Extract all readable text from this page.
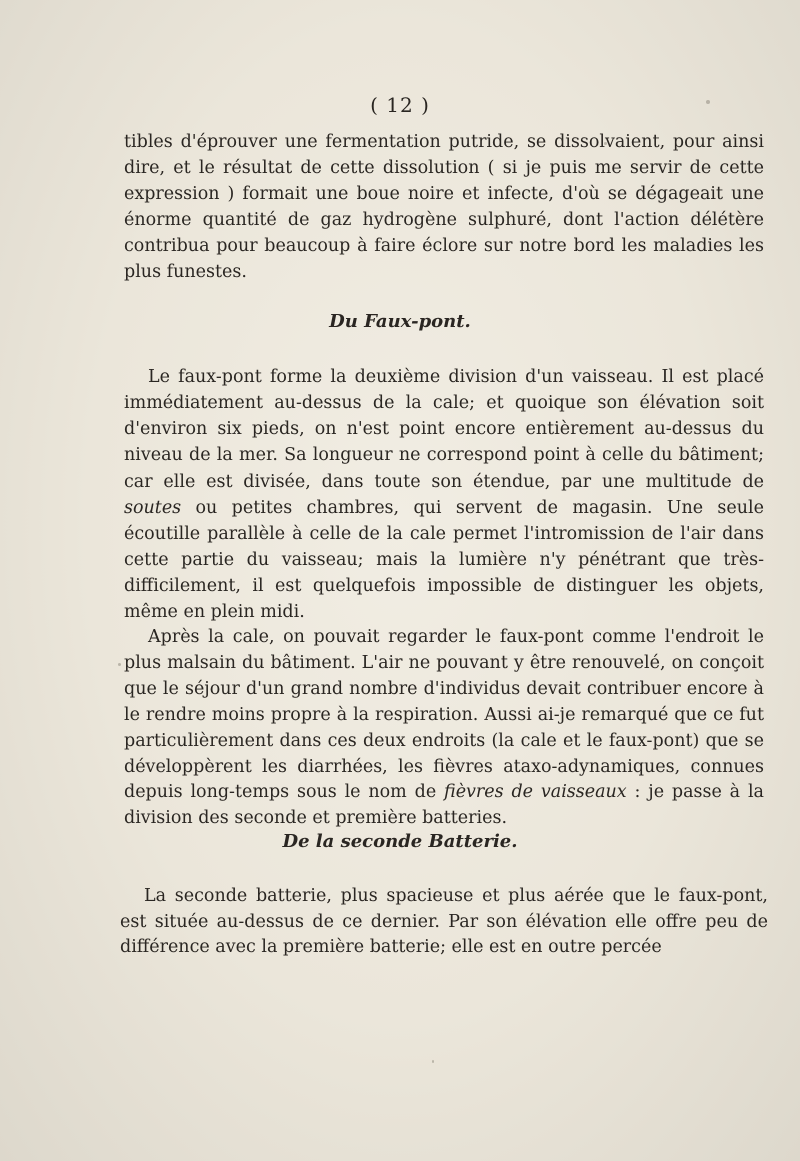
( 12 )

tibles d'éprouver une fermentation putride, se dissolvaient, pour ainsi dire, et le résultat de cette dissolution ( si je puis me servir de cette expression ) formait une boue noire et infecte, d'où se dégageait une énorme quantité de gaz hydrogène sulphuré, dont l'action délétère contribua pour beaucoup à faire éclore sur notre bord les maladies les plus funestes.

Du Faux-pont.

Le faux-pont forme la deuxième division d'un vaisseau. Il est placé immédiatement au-dessus de la cale; et quoique son élévation soit d'environ six pieds, on n'est point encore entièrement au-dessus du niveau de la mer. Sa longueur ne correspond point à celle du bâtiment; car elle est divisée, dans toute son étendue, par une multitude de soutes ou petites chambres, qui servent de magasin. Une seule écoutille parallèle à celle de la cale permet l'intromission de l'air dans cette partie du vaisseau; mais la lumière n'y pénétrant que très-difficilement, il est quelquefois impossible de distinguer les objets, même en plein midi.

Après la cale, on pouvait regarder le faux-pont comme l'endroit le plus malsain du bâtiment. L'air ne pouvant y être renouvelé, on conçoit que le séjour d'un grand nombre d'individus devait contribuer encore à le rendre moins propre à la respiration. Aussi ai-je remarqué que ce fut particulièrement dans ces deux endroits (la cale et le faux-pont) que se développèrent les diarrhées, les fièvres ataxo-adynamiques, connues depuis long-temps sous le nom de fièvres de vaisseaux : je passe à la division des seconde et première batteries.

De la seconde Batterie.

La seconde batterie, plus spacieuse et plus aérée que le faux-pont, est située au-dessus de ce dernier. Par son élévation elle offre peu de différence avec la première batterie; elle est en outre percée
